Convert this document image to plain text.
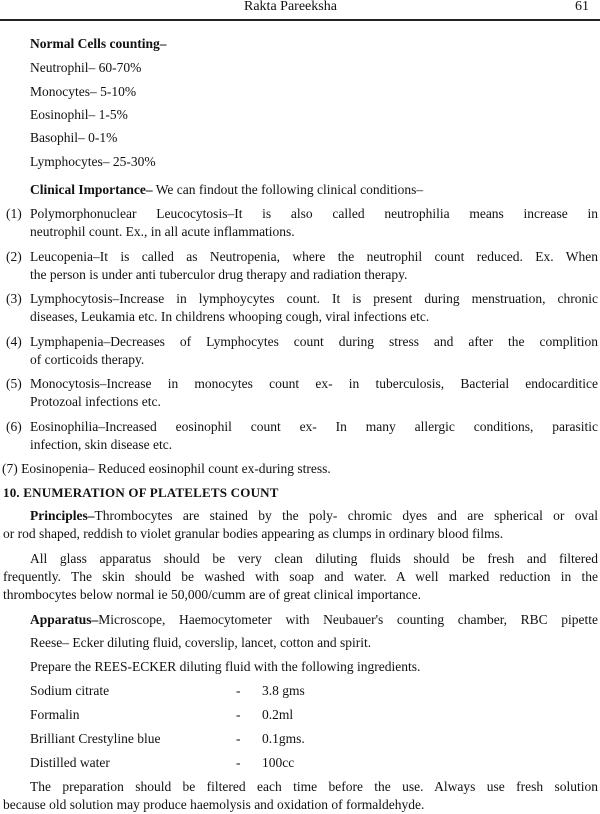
Rakta Pareeksha	61
Normal Cells counting–
Neutrophil– 60-70%
Monocytes– 5-10%
Eosinophil– 1-5%
Basophil– 0-1%
Lymphocytes– 25-30%
Clinical Importance– We can findout the following clinical conditions–
(1) Polymorphonuclear Leucocytosis–It is also called neutrophilia means increase in
neutrophil count. Ex., in all acute inflammations.
(2) Leucopenia–It is called as Neutropenia, where the neutrophil count reduced. Ex. When
the person is under anti tuberculor drug therapy and radiation therapy.
(3) Lymphocytosis–Increase in lymphoycytes count. It is present during menstruation, chronic
diseases, Leukamia etc. In childrens whooping cough, viral infections etc.
(4) Lymphapenia–Decreases of Lymphocytes count during stress and after the complition
of corticoids therapy.
(5) Monocytosis–Increase in monocytes count ex- in tuberculosis, Bacterial endocarditice
Protozoal infections etc.
(6) Eosinophilia–Increased eosinophil count ex- In many allergic conditions, parasitic
infection, skin disease etc.
(7) Eosinopenia– Reduced eosinophil count ex-during stress.
10. ENUMERATION OF PLATELETS COUNT
Principles–Thrombocytes are stained by the poly- chromic dyes and are spherical or oval
or rod shaped, reddish to violet granular bodies appearing as clumps in ordinary blood films.
All glass apparatus should be very clean diluting fluids should be fresh and filtered
frequently. The skin should be washed with soap and water. A well marked reduction in the
thrombocytes below normal ie 50,000/cumm are of great clinical importance.
Apparatus–Microscope, Haemocytometer with Neubauer's counting chamber, RBC pipette
Reese– Ecker diluting fluid, coverslip, lancet, cotton and spirit.
Prepare the REES-ECKER diluting fluid with the following ingredients.
Sodium citrate	- 3.8 gms
Formalin	- 0.2ml
Brilliant Crestyline blue	- 0.1gms.
Distilled water	- 100cc
The preparation should be filtered each time before the use. Always use fresh solution
because old solution may produce haemolysis and oxidation of formaldehyde.
